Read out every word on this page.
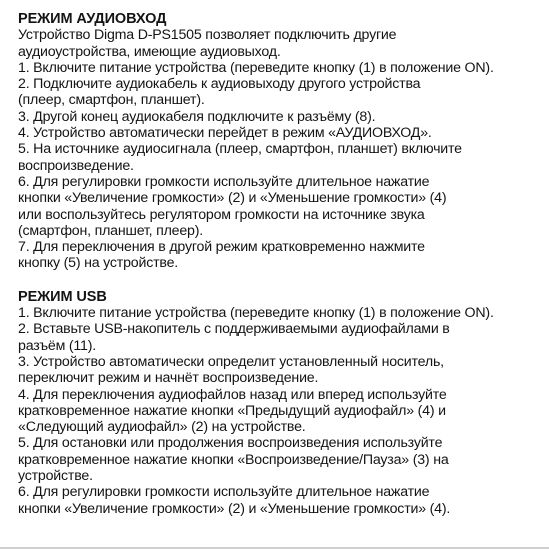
РЕЖИМ АУДИОВХОД
Устройство Digma D-PS1505 позволяет подключить другие
аудиоустройства, имеющие аудиовыход.
1. Включите питание устройства (переведите кнопку (1) в положение ON).
2. Подключите аудиокабель к аудиовыходу другого устройства
(плеер, смартфон, планшет).
3. Другой конец аудиокабеля подключите к разъёму (8).
4. Устройство автоматически перейдет в режим «АУДИОВХОД».
5. На источнике аудиосигнала (плеер, смартфон, планшет) включите
воспроизведение.
6. Для регулировки громкости используйте длительное нажатие
кнопки «Увеличение громкости» (2) и «Уменьшение громкости» (4)
или воспользуйтесь регулятором громкости на источнике звука
(смартфон, планшет, плеер).
7. Для переключения в другой режим кратковременно нажмите
кнопку (5) на устройстве.
РЕЖИМ USB
1. Включите питание устройства (переведите кнопку (1) в положение ON).
2. Вставьте USB-накопитель с поддерживаемыми аудиофайлами в
разъём (11).
3. Устройство автоматически определит установленный носитель,
переключит режим и начнёт воспроизведение.
4. Для переключения аудиофайлов назад или вперед используйте
кратковременное нажатие кнопки «Предыдущий аудиофайл» (4) и
«Следующий аудиофайл» (2) на устройстве.
5. Для остановки или продолжения воспроизведения используйте
кратковременное нажатие кнопки «Воспроизведение/Пауза» (3) на
устройстве.
6. Для регулировки громкости используйте длительное нажатие
кнопки «Увеличение громкости» (2) и «Уменьшение громкости» (4).
